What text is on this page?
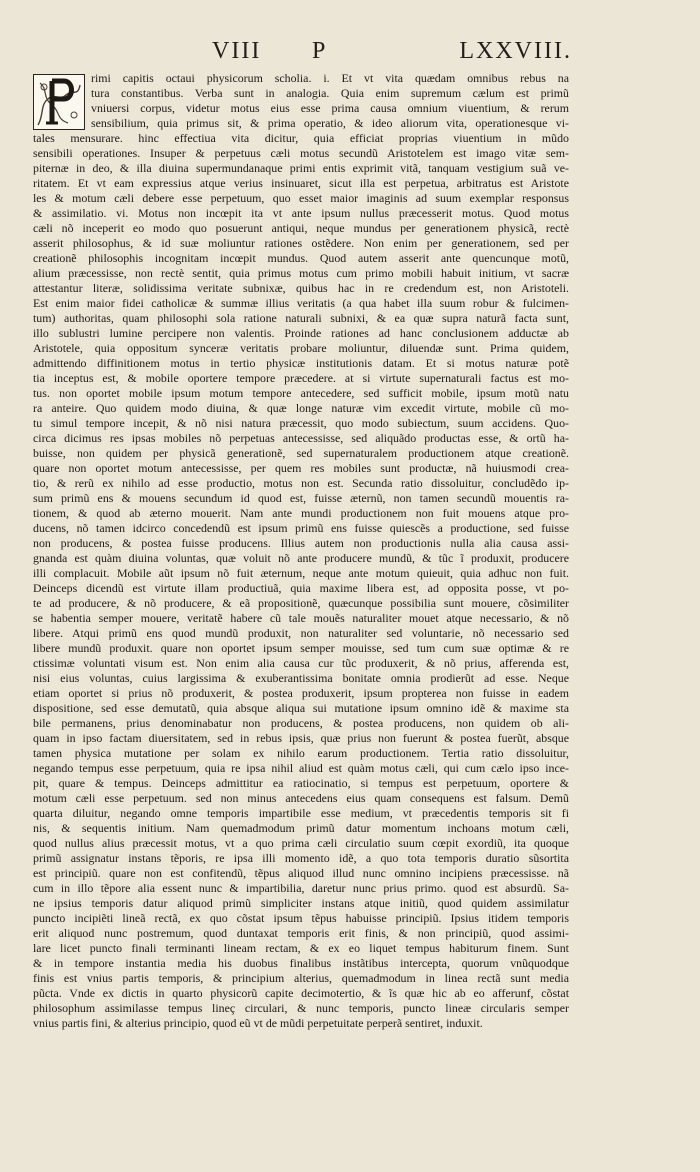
VIII P	LXXVIII.
rimi capitis octaui physicorum scholia. i. Et vt vita quædam omnibus rebus na
tura constantibus. Verba sunt in analogia. Quia enim supremum cælum est primũ
vniuersi corpus, videtur motus eius esse prima causa omnium viuentium, & rerum
sensibilium, quia primus sit, & prima operatio, & ideo aliorum vita, operationesque vi-
tales mensurare. hinc effectiua vita dicitur, quia efficiat proprias viuentium in mũdo
sensibili operationes. Insuper & perpetuus cæli motus secundũ Aristotelem est imago vitæ sem-
piternæ in deo, & illa diuina supermundanaque primi entis exprimit vitã, tanquam vestigium suã ve-
ritatem. Et vt eam expressius atque verius insinuaret, sicut illa est perpetua, arbitratus est Aristote
les & motum cæli debere esse perpetuum, quo esset maior imaginis ad suum exemplar responsus
& assimilatio. vi. Motus non incœpit ita vt ante ipsum nullus præcesserit motus. Quod motus
cæli nõ inceperit eo modo quo posuerunt antiqui, neque mundus per generationem physicã, rectè
asserit philosophus, & id suæ moliuntur rationes ostẽdere. Non enim per generationem, sed per
creationẽ philosophis incognitam incœpit mundus. Quod autem asserit ante quencunque motũ,
alium præcessisse, non rectè sentit, quia primus motus cum primo mobili habuit initium, vt sacræ
attestantur literæ, solidissima veritate subnixæ, quibus hac in re credendum est, non Aristoteli.
Est enim maior fidei catholicæ & summæ illius veritatis (a qua habet illa suum robur & fulcimen-
tum) authoritas, quam philosophi sola ratione naturali subnixi, & ea quæ supra naturã facta sunt,
illo sublustri lumine percipere non valentis. Proinde rationes ad hanc conclusionem adductæ ab
Aristotele, quia oppositum synceræ veritatis probare moliuntur, diluendæ sunt. Prima quidem,
admittendo diffinitionem motus in tertio physicæ institutionis datam. Et si motus naturæ potẽ
tia inceptus est, & mobile oportere tempore præcedere. at si virtute supernaturali factus est mo-
tus. non oportet mobile ipsum motum tempore antecedere, sed sufficit mobile, ipsum motũ natu
ra anteire. Quo quidem modo diuina, & quæ longe naturæ vim excedit virtute, mobile cũ mo-
tu simul tempore incepit, & nõ nisi natura præcessit, quo modo subiectum, suum accidens. Quo-
circa dicimus res ipsas mobiles nõ perpetuas antecessisse, sed aliquãdo productas esse, & ortũ ha-
buisse, non quidem per physicã generationẽ, sed supernaturalem productionem atque creationẽ.
quare non oportet motum antecessisse, per quem res mobiles sunt productæ, nã huiusmodi crea-
tio, & rerũ ex nihilo ad esse productio, motus non est. Secunda ratio dissoluitur, concludẽdo ip-
sum primũ ens & mouens secundum id quod est, fuisse æternũ, non tamen secundũ mouentis ra-
tionem, & quod ab æterno mouerit. Nam ante mundi productionem non fuit mouens atque pro-
ducens, nõ tamen idcirco concedendũ est ipsum primũ ens fuisse quiescẽs a productione, sed fuisse
non producens, & postea fuisse producens. Illius autem non productionis nulla alia causa assi-
gnanda est quàm diuina voluntas, quæ voluit nõ ante producere mundũ, & tũc ĩ produxit, producere
illi complacuit. Mobile aũt ipsum nõ fuit æternum, neque ante motum quieuit, quia adhuc non fuit.
Deinceps dicendũ est virtute illam productiuã, quia maxime libera est, ad opposita posse, vt po-
te ad producere, & nõ producere, & eã propositionẽ, quæcunque possibilia sunt mouere, cõsimiliter
se habentia semper mouere, veritatẽ habere cũ tale mouẽs naturaliter mouet atque necessario, & nõ
libere. Atqui primũ ens quod mundũ produxit, non naturaliter sed voluntarie, nõ necessario sed
libere mundũ produxit. quare non oportet ipsum semper mouisse, sed tum cum suæ optimæ & re
ctissimæ voluntati visum est. Non enim alia causa cur tũc produxerit, & nõ prius, afferenda est,
nisi eius voluntas, cuius largissima & exuberantissima bonitate omnia prodierũt ad esse. Neque
etiam oportet si prius nõ produxerit, & postea produxerit, ipsum propterea non fuisse in eadem
dispositione, sed esse demutatũ, quia absque aliqua sui mutatione ipsum omnino idẽ & maxime sta
bile permanens, prius denominabatur non producens, & postea producens, non quidem ob ali-
quam in ipso factam diuersitatem, sed in rebus ipsis, quæ prius non fuerunt & postea fuerũt, absque
tamen physica mutatione per solam ex nihilo earum productionem. Tertia ratio dissoluitur,
negando tempus esse perpetuum, quia re ipsa nihil aliud est quàm motus cæli, qui cum cælo ipso ince-
pit, quare & tempus. Deinceps admittitur ea ratiocinatio, si tempus est perpetuum, oportere &
motum cæli esse perpetuum. sed non minus antecedens eius quam consequens est falsum. Demũ
quarta diluitur, negando omne temporis impartibile esse medium, vt præcedentis temporis sit fi
nis, & sequentis initium. Nam quemadmodum primũ datur momentum inchoans motum cæli,
quod nullus alius præcessit motus, vt a quo prima cæli circulatio suum cœpit exordiũ, ita quoque
primũ assignatur instans tẽporis, re ipsa illi momento idẽ, a quo tota temporis duratio sũsortita
est principiũ. quare non est confitendũ, tẽpus aliquod illud nunc omnino incipiens præcessisse. nã
cum in illo tẽpore alia essent nunc & impartibilia, daretur nunc prius primo. quod est absurdũ. Sa-
ne ipsius temporis datur aliquod primũ simpliciter instans atque initiũ, quod quidem assimilatur
puncto incipiẽti lineã rectã, ex quo cõstat ipsum tẽpus habuisse principiũ. Ipsius itidem temporis
erit aliquod nunc postremum, quod duntaxat temporis erit finis, & non principiũ, quod assimi-
lare licet puncto finali terminanti lineam rectam, & ex eo liquet tempus habiturum finem. Sunt
& in tempore instantia media his duobus finalibus instãtibus intercepta, quorum vnũquodque
finis est vnius partis temporis, & principium alterius, quemadmodum in linea rectã sunt media
pũcta. Vnde ex dictis in quarto physicorũ capite decimotertio, & ĩs quæ hic ab eo afferunf, cõstat
philosophum assimilasse tempus lineç circulari, & nunc temporis, puncto lineæ circularis semper
vnius partis fini, & alterius principio, quod eũ vt de mũdi perpetuitate perperã sentiret, induxit.
